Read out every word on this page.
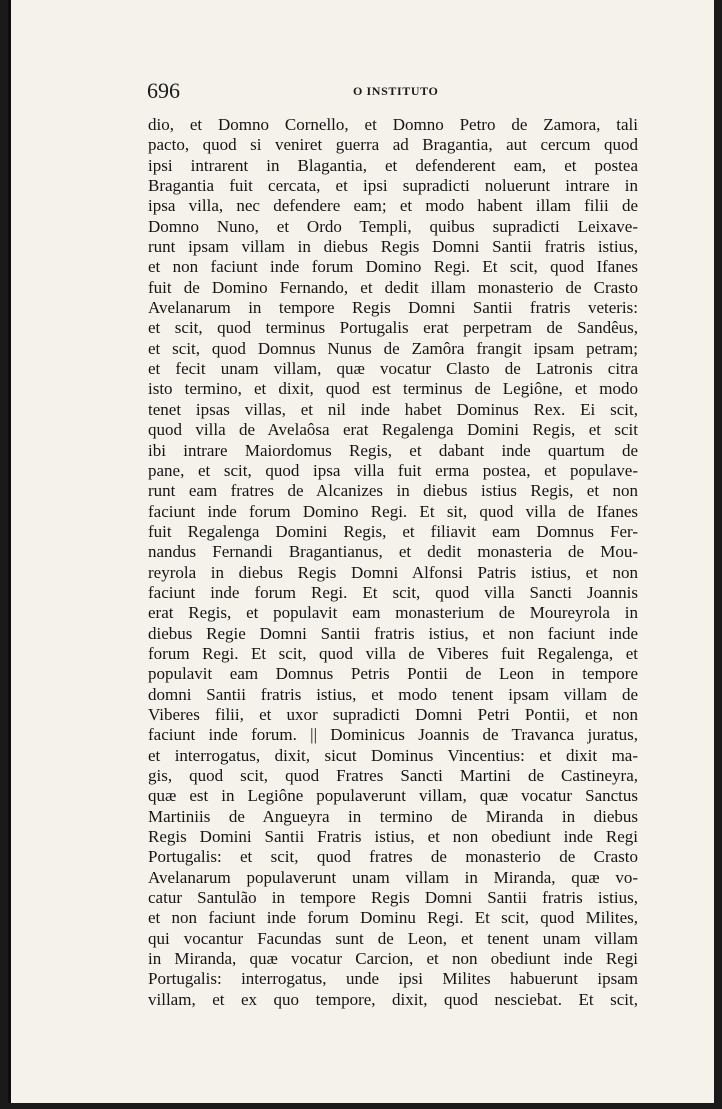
696	O INSTITUTO
dio, et Domno Cornello, et Domno Petro de Zamora, tali
pacto, quod si veniret guerra ad Bragantia, aut cercum quod
ipsi intrarent in Blagantia, et defenderent eam, et postea
Bragantia fuit cercata, et ipsi supradicti noluerunt intrare in
ipsa villa, nec defendere eam; et modo habent illam filii de
Domno Nuno, et Ordo Templi, quibus supradicti Leixave-
runt ipsam villam in diebus Regis Domni Santii fratris istius,
et non faciunt inde forum Domino Regi. Et scit, quod Ifanes
fuit de Domino Fernando, et dedit illam monasterio de Crasto
Avelanarum in tempore Regis Domni Santii fratris veteris:
et scit, quod terminus Portugalis erat perpetram de Sandêus,
et scit, quod Domnus Nunus de Zamôra frangit ipsam petram;
et fecit unam villam, quæ vocatur Clasto de Latronis citra
isto termino, et dixit, quod est terminus de Legiône, et modo
tenet ipsas villas, et nil inde habet Dominus Rex. Ei scit,
quod villa de Avelaôsa erat Regalenga Domini Regis, et scit
ibi intrare Maiordomus Regis, et dabant inde quartum de
pane, et scit, quod ipsa villa fuit erma postea, et populave-
runt eam fratres de Alcanizes in diebus istius Regis, et non
faciunt inde forum Domino Regi. Et sit, quod villa de Ifanes
fuit Regalenga Domini Regis, et filiavit eam Domnus Fer-
nandus Fernandi Bragantianus, et dedit monasteria de Mou-
reyrola in diebus Regis Domni Alfonsi Patris istius, et non
faciunt inde forum Regi. Et scit, quod villa Sancti Joannis
erat Regis, et populavit eam monasterium de Moureyrola in
diebus Regie Domni Santii fratris istius, et non faciunt inde
forum Regi. Et scit, quod villa de Viberes fuit Regalenga, et
populavit eam Domnus Petris Pontii de Leon in tempore
domni Santii fratris istius, et modo tenent ipsam villam de
Viberes filii, et uxor supradicti Domni Petri Pontii, et non
faciunt inde forum. || Dominicus Joannis de Travanca juratus,
et interrogatus, dixit, sicut Dominus Vincentius: et dixit ma-
gis, quod scit, quod Fratres Sancti Martini de Castineyra,
quæ est in Legiône populaverunt villam, quæ vocatur Sanctus
Martiniis de Angueyra in termino de Miranda in diebus
Regis Domini Santii Fratris istius, et non obediunt inde Regi
Portugalis: et scit, quod fratres de monasterio de Crasto
Avelanarum populaverunt unam villam in Miranda, quæ vo-
catur Santulão in tempore Regis Domni Santii fratris istius,
et non faciunt inde forum Dominu Regi. Et scit, quod Milites,
qui vocantur Facundas sunt de Leon, et tenent unam villam
in Miranda, quæ vocatur Carcion, et non obediunt inde Regi
Portugalis: interrogatus, unde ipsi Milites habuerunt ipsam
villam, et ex quo tempore, dixit, quod nesciebat. Et scit,
